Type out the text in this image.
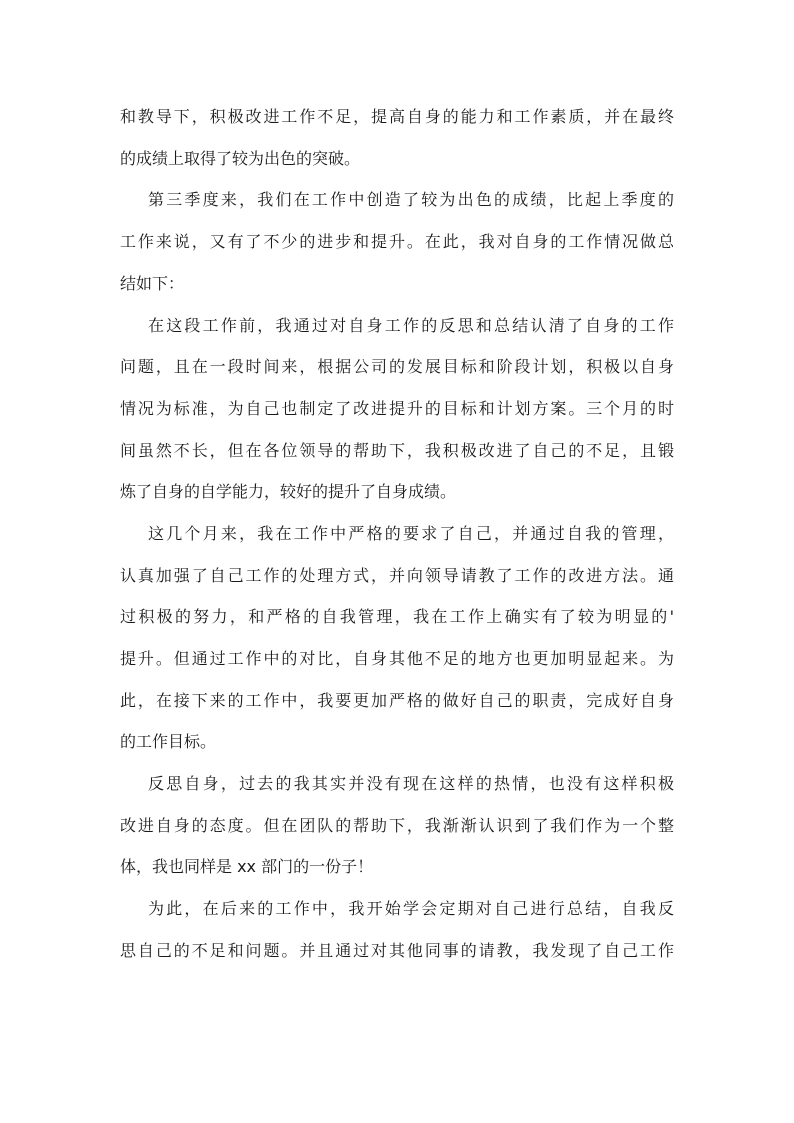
和教导下，积极改进工作不足，提高自身的能力和工作素质，并在最终

的成绩上取得了较为出色的突破。

第三季度来，我们在工作中创造了较为出色的成绩，比起上季度的

工作来说，又有了不少的进步和提升。在此，我对自身的工作情况做总

结如下：

在这段工作前，我通过对自身工作的反思和总结认清了自身的工作

问题，且在一段时间来，根据公司的发展目标和阶段计划，积极以自身

情况为标准，为自己也制定了改进提升的目标和计划方案。三个月的时

间虽然不长，但在各位领导的帮助下，我积极改进了自己的不足，且锻

炼了自身的自学能力，较好的提升了自身成绩。

这几个月来，我在工作中严格的要求了自己，并通过自我的管理，

认真加强了自己工作的处理方式，并向领导请教了工作的改进方法。通

过积极的努力，和严格的自我管理，我在工作上确实有了较为明显的'

提升。但通过工作中的对比，自身其他不足的地方也更加明显起来。为

此，在接下来的工作中，我要更加严格的做好自己的职责，完成好自身

的工作目标。

反思自身，过去的我其实并没有现在这样的热情，也没有这样积极

改进自身的态度。但在团队的帮助下，我渐渐认识到了我们作为一个整

体，我也同样是 xx 部门的一份子！

为此，在后来的工作中，我开始学会定期对自己进行总结，自我反

思自己的不足和问题。并且通过对其他同事的请教，我发现了自己工作
